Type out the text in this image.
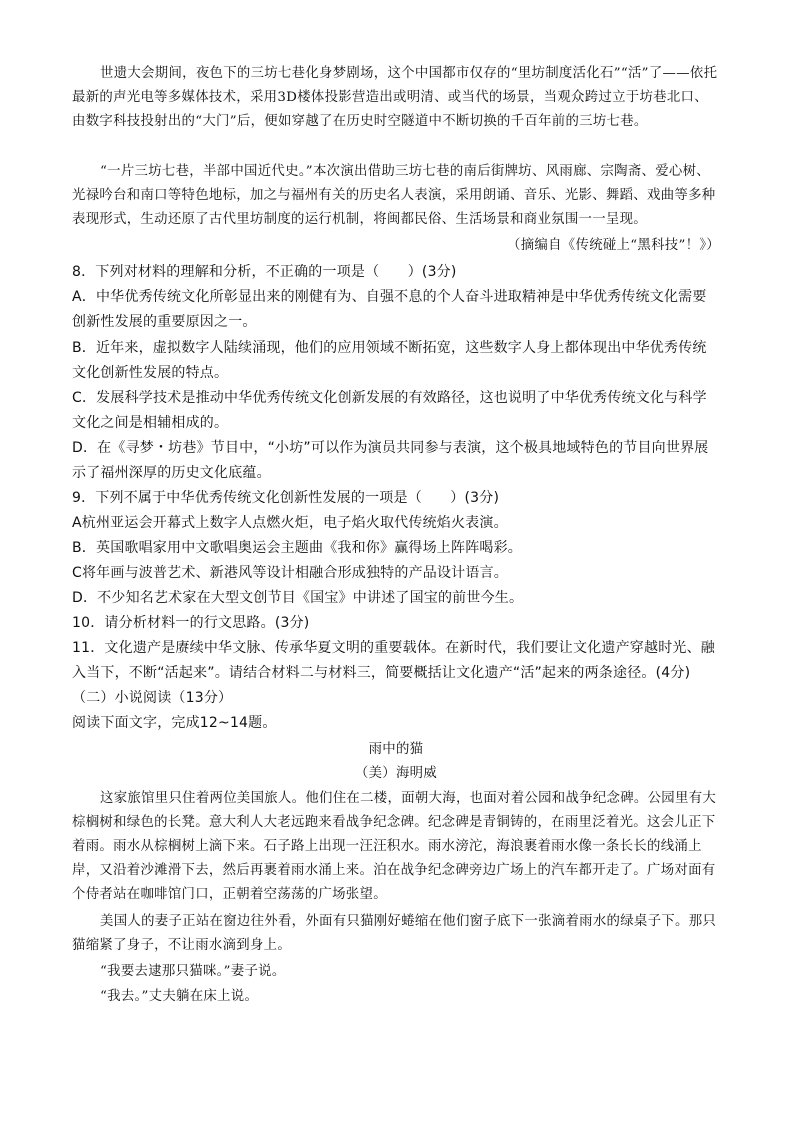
世遗大会期间，夜色下的三坊七巷化身梦剧场，这个中国都市仅存的“里坊制度活化石”“活”了——依托最新的声光电等多媒体技术，采用3D楼体投影营造出或明清、或当代的场景，当观众跨过立于坊巷北口、由数字科技投射出的“大门”后，便如穿越了在历史时空隧道中不断切换的千百年前的三坊七巷。

“一片三坊七巷，半部中国近代史。”本次演出借助三坊七巷的南后街牌坊、风雨廊、宗陶斋、爱心树、光禄吟台和南口等特色地标，加之与福州有关的历史名人表演，采用朗诵、音乐、光影、舞蹈、戏曲等多种表现形式，生动还原了古代里坊制度的运行机制，将闽都民俗、生活场景和商业氛围一一呈现。

（摘编自《传统碰上“黑科技”！》）

8．下列对材料的理解和分析，不正确的一项是（　　）(3分)

A．中华优秀传统文化所彰显出来的刚健有为、自强不息的个人奋斗进取精神是中华优秀传统文化需要创新性发展的重要原因之一。

B．近年来，虚拟数字人陆续涌现，他们的应用领域不断拓宽，这些数字人身上都体现出中华优秀传统文化创新性发展的特点。

C．发展科学技术是推动中华优秀传统文化创新发展的有效路径，这也说明了中华优秀传统文化与科学文化之间是相辅相成的。

D．在《寻梦・坊巷》节目中，“小坊”可以作为演员共同参与表演，这个极具地域特色的节目向世界展示了福州深厚的历史文化底蕴。

9．下列不属于中华优秀传统文化创新性发展的一项是（　　）(3分)

A杭州亚运会开幕式上数字人点燃火炬，电子焰火取代传统焰火表演。

B．英国歌唱家用中文歌唱奥运会主题曲《我和你》赢得场上阵阵喝彩。

C将年画与波普艺术、新港风等设计相融合形成独特的产品设计语言。

D．不少知名艺术家在大型文创节目《国宝》中讲述了国宝的前世今生。

10．请分析材料一的行文思路。(3分)

11．文化遗产是赓续中华文脉、传承华夏文明的重要载体。在新时代，我们要让文化遗产穿越时光、融入当下，不断“活起来”。请结合材料二与材料三，简要概括让文化遗产“活”起来的两条途径。(4分)

（二）小说阅读（13分）

阅读下面文字，完成12~14题。

雨中的猫

（美）海明威

这家旅馆里只住着两位美国旅人。他们住在二楼，面朝大海，也面对着公园和战争纪念碑。公园里有大棕榈树和绿色的长凳。意大利人大老远跑来看战争纪念碑。纪念碑是青铜铸的，在雨里泛着光。这会儿正下着雨。雨水从棕榈树上滴下来。石子路上出现一汪汪积水。雨水滂沱，海浪裹着雨水像一条长长的线涌上岸，又沿着沙滩滑下去，然后再裹着雨水涌上来。泊在战争纪念碑旁边广场上的汽车都开走了。广场对面有个侍者站在咖啡馆门口，正朝着空荡荡的广场张望。

美国人的妻子正站在窗边往外看，外面有只猫刚好蜷缩在他们窗子底下一张滴着雨水的绿桌子下。那只猫缩紧了身子，不让雨水滴到身上。

“我要去逮那只猫咪。”妻子说。

“我去。”丈夫躺在床上说。
